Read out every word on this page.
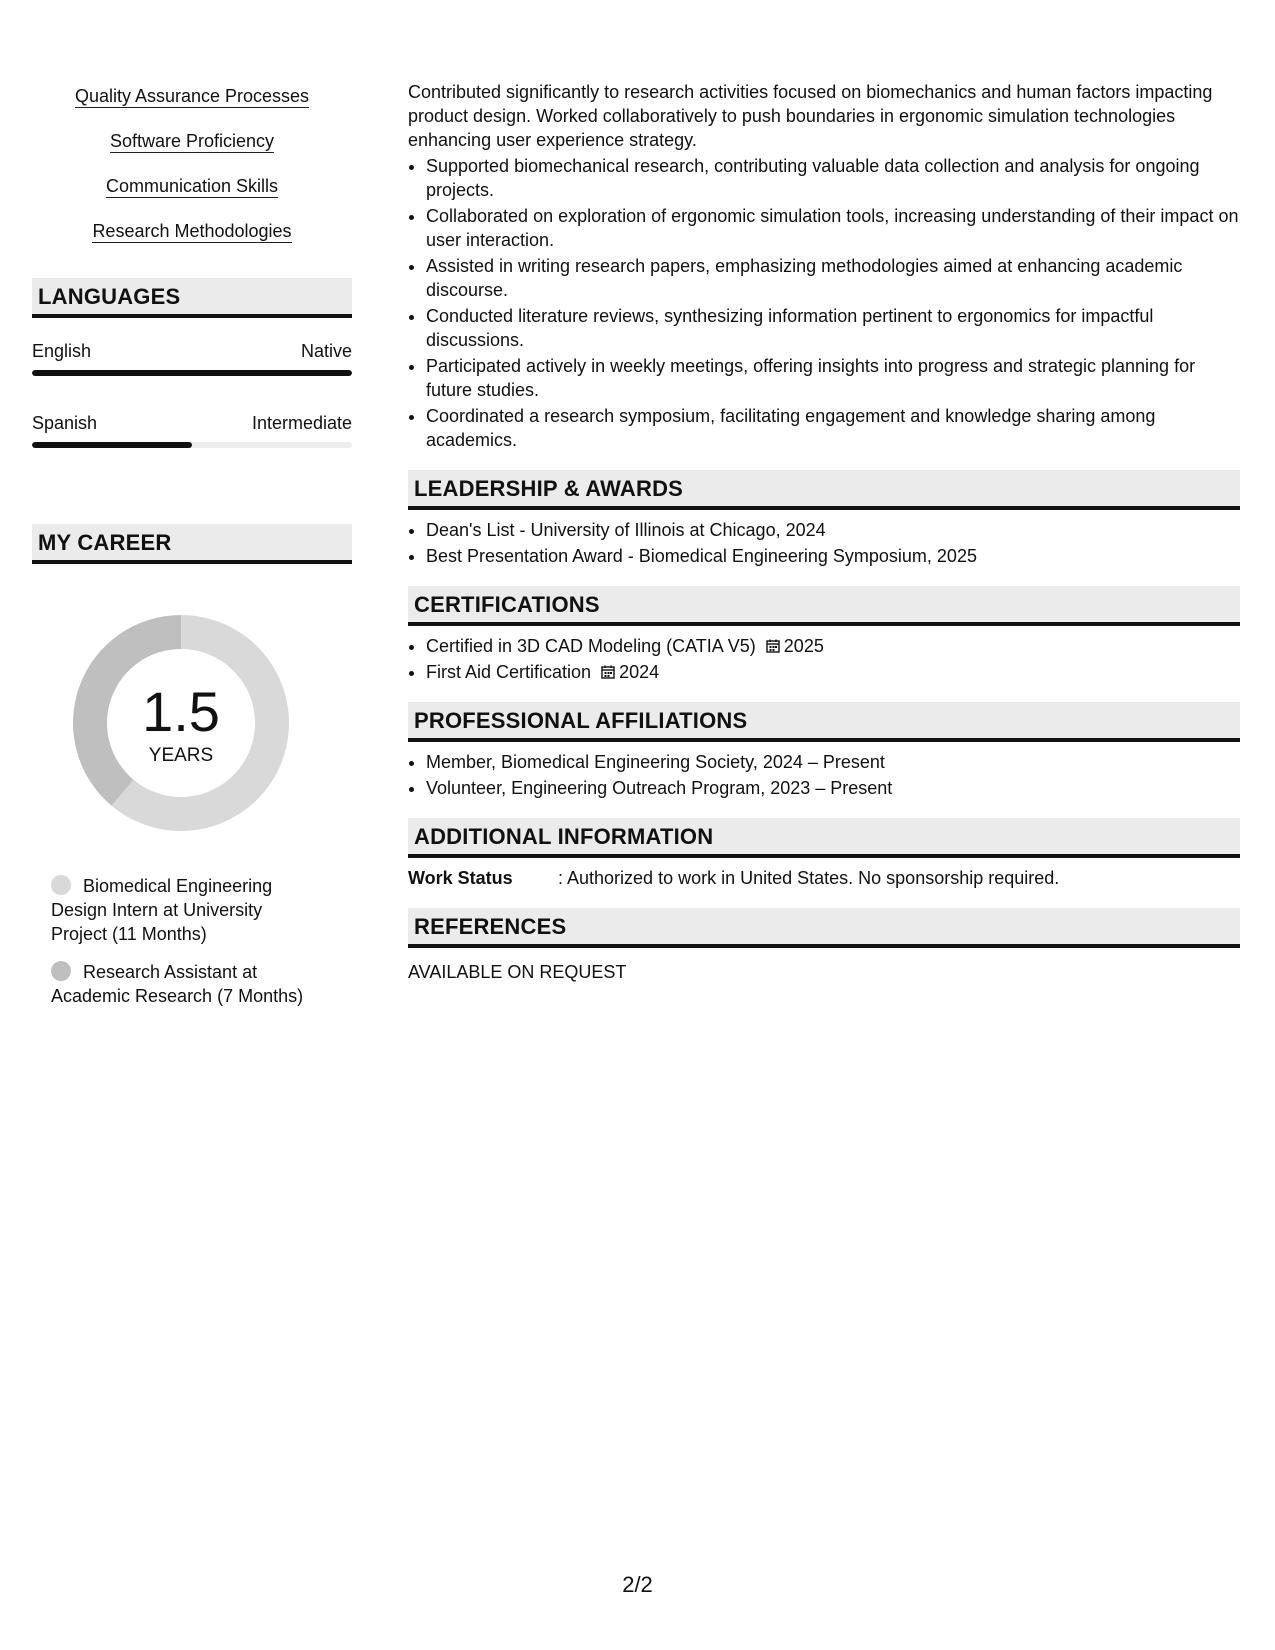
Quality Assurance Processes
Software Proficiency
Communication Skills
Research Methodologies
LANGUAGES
English	Native
Spanish	Intermediate
MY CAREER
1.5
YEARS
Biomedical Engineering Design Intern at University Project (11 Months)
Research Assistant at Academic Research (7 Months)

Contributed significantly to research activities focused on biomechanics and human factors impacting product design. Worked collaboratively to push boundaries in ergonomic simulation technologies enhancing user experience strategy.

• Supported biomechanical research, contributing valuable data collection and analysis for ongoing projects.
• Collaborated on exploration of ergonomic simulation tools, increasing understanding of their impact on user interaction.
• Assisted in writing research papers, emphasizing methodologies aimed at enhancing academic discourse.
• Conducted literature reviews, synthesizing information pertinent to ergonomics for impactful discussions.
• Participated actively in weekly meetings, offering insights into progress and strategic planning for future studies.
• Coordinated a research symposium, facilitating engagement and knowledge sharing among academics.
LEADERSHIP & AWARDS
• Dean's List - University of Illinois at Chicago, 2024
• Best Presentation Award - Biomedical Engineering Symposium, 2025
CERTIFICATIONS
• Certified in 3D CAD Modeling (CATIA V5) 2025
• First Aid Certification 2024
PROFESSIONAL AFFILIATIONS
• Member, Biomedical Engineering Society, 2024 – Present
• Volunteer, Engineering Outreach Program, 2023 – Present
ADDITIONAL INFORMATION
Work Status	: Authorized to work in United States. No sponsorship required.
REFERENCES
AVAILABLE ON REQUEST
2/2
